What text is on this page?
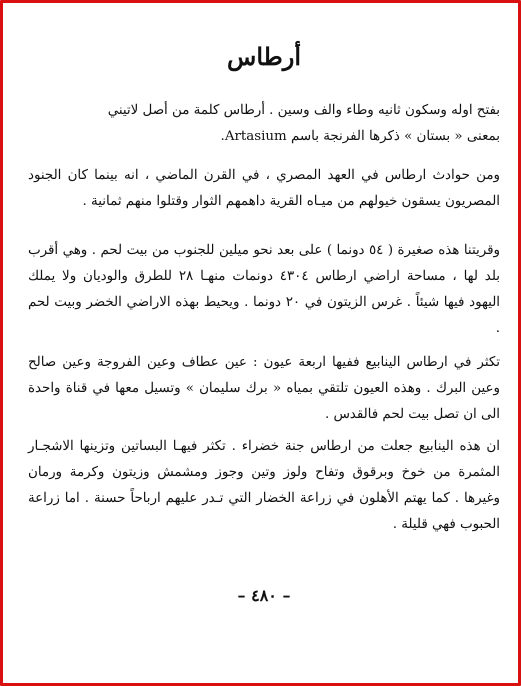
أرطاس

بفتح اوله وسكون ثانيه وطاء والف وسين . أرطاس كلمة من أصل لاتيني

بمعنى « بستان » ذكرها الفرنجة باسم Artasium.

ومن حوادث ارطاس في العهد المصري ، في القرن الماضي ، انه بينما كان الجنود المصريون يسقون خيولهم من ميـاه القرية داهمهم الثوار وقتلوا منهم ثمانية .
وقريتنا هذه صغيرة ( ٥٤ دونما ) على بعد نحو ميلين للجنوب من بيت لحم . وهي أقرب بلد لها ، مساحة اراضي ارطاس ٤٣٠٤ دونمات منهـا ٢٨ للطرق والوديان ولا يملك اليهود فيها شيئاً . غرس الزيتون في ٢٠ دونما . ويحيط بهذه الاراضي الخضر وبيت لحم .
تكثر في ارطاس الينابيع ففيها اربعة عيون : عين عطاف وعين الفروجة وعين صالح وعين البرك . وهذه العيون تلتقي بمياه « برك سليمان » وتسيل معها في قناة واحدة الى ان تصل بيت لحم فالقدس .
ان هذه الينابيع جعلت من ارطاس جنة خضراء . تكثر فيهـا البساتين وتزينها الاشجـار المثمرة من خوخ وبرقوق وتفاح ولوز وتين وجوز ومشمش وزيتون وكرمة ورمان وغيرها . كما يهتم الأهلون في زراعة الخضار التي تـدر عليهم ارباحاً حسنة . اما زراعة الحبوب فهي قليلة .
– ٤٨٠ –
